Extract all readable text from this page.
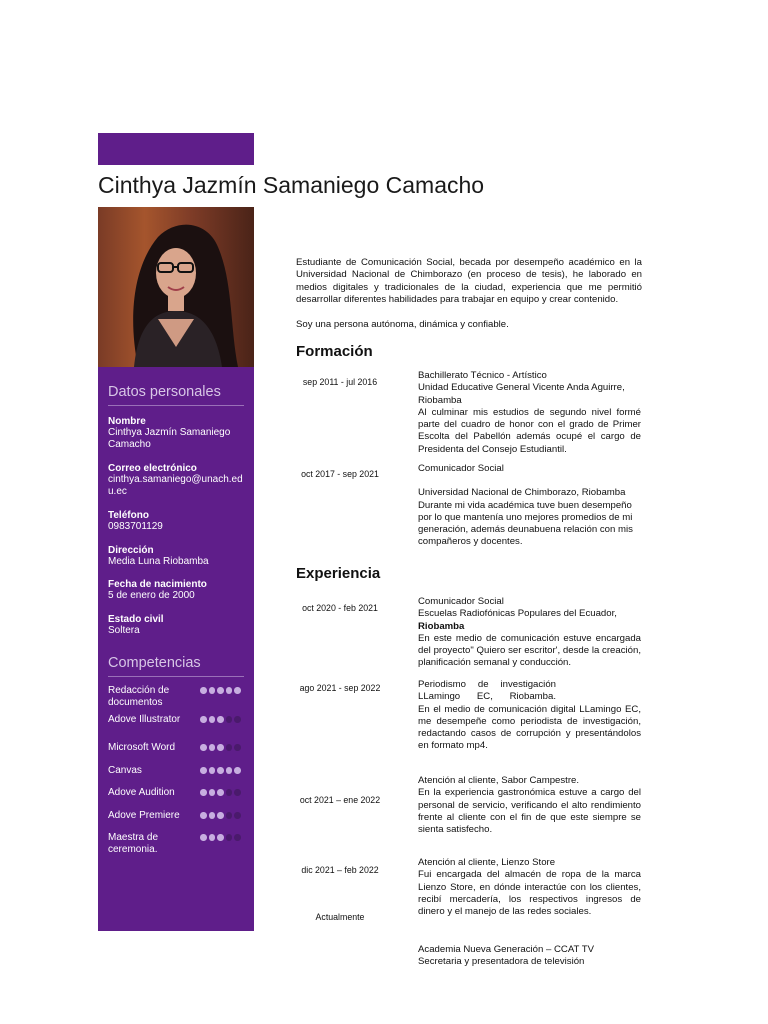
Cinthya Jazmín Samaniego Camacho
Datos personales
Nombre
Cinthya Jazmín Samaniego Camacho
Correo electrónico
cinthya.samaniego@unach.edu.ec
Teléfono
0983701129
Dirección
Media Luna Riobamba
Fecha de nacimiento
5 de enero de 2000
Estado civil
Soltera
Competencias
Redacción de documentos
Adove Illustrator
Microsoft Word
Canvas
Adove Audition
Adove Premiere
Maestra de ceremonia.
Estudiante de Comunicación Social, becada por desempeño académico en la Universidad Nacional de Chimborazo (en proceso de tesis), he laborado en medios digitales y tradicionales de la ciudad, experiencia que me permitió desarrollar diferentes habilidades para trabajar en equipo y crear contenido.
Soy una persona autónoma, dinámica y confiable.
Formación
sep 2011 - jul 2016
Bachillerato Técnico - Artístico
Unidad Educative General Vicente Anda Aguirre, Riobamba
Al culminar mis estudios de segundo nivel formé parte del cuadro de honor con el grado de Primer Escolta del Pabellón además ocupé el cargo de Presidenta del Consejo Estudiantil.
oct 2017 - sep 2021	Comunicador Social
Universidad Nacional de Chimborazo, Riobamba
Durante mi vida académica tuve buen desempeño por lo que mantenía uno mejores promedios de mi generación, además deunabuena relación con mis compañeros y docentes.
Experiencia
oct 2020 - feb 2021
Comunicador Social
Escuelas Radiofónicas Populares del Ecuador,
Riobamba
En este medio de comunicación estuve encargada del proyecto" Quiero ser escritor', desde la creación, planificación semanal y conducción.
ago 2021 - sep 2022	Periodismo de investigación LLamingo EC, Riobamba.
En el medio de comunicación digital LLamingo EC, me desempeñe como periodista de investigación, redactando casos de corrupción y presentándolos en formato mp4.
oct 2021 – ene 2022
Atención al cliente, Sabor Campestre.
En la experiencia gastronómica estuve a cargo del personal de servicio, verificando el alto rendimiento frente al cliente con el fin de que este siempre se sienta satisfecho.
dic 2021 – feb 2022
Atención al cliente, Lienzo Store
Fui encargada del almacén de ropa de la marca Lienzo Store, en dónde interactúe con los clientes, recibí mercadería, los respectivos ingresos de dinero y el manejo de las redes sociales.
Actualmente
Academia Nueva Generación – CCAT TV
Secretaria y presentadora de televisión
